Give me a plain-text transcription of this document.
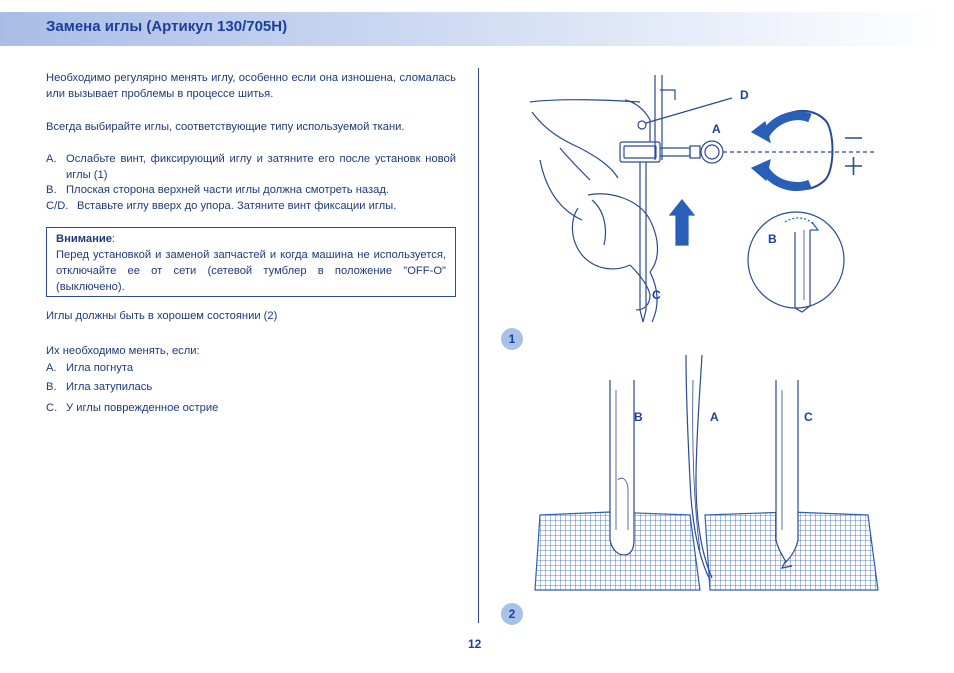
Замена иглы (Артикул 130/705H)
Необходимо регулярно менять иглу, особенно если она изношена, сломалась или вызывает проблемы в процессе шитья.
Всегда выбирайте иглы, соответствующие типу используемой ткани.
A. Ослабьте винт, фиксирующий иглу и затяните его после установк новой иглы (1)
B. Плоская сторона верхней части иглы должна смотреть назад.
C/D. Вставьте иглу вверх до упора. Затяните винт фиксации иглы.
Внимание:
Перед установкой и заменой запчастей и когда машина не используется, отключайте ее от сети (сетевой тумблер в положение "OFF-O" (выключено).
Иглы должны быть в хорошем состоянии (2)
Их необходимо менять, если:
A. Игла погнута
B. Игла затупилась
C. У иглы поврежденное острие
D
A
B
C
1
B	A	C
2
12
